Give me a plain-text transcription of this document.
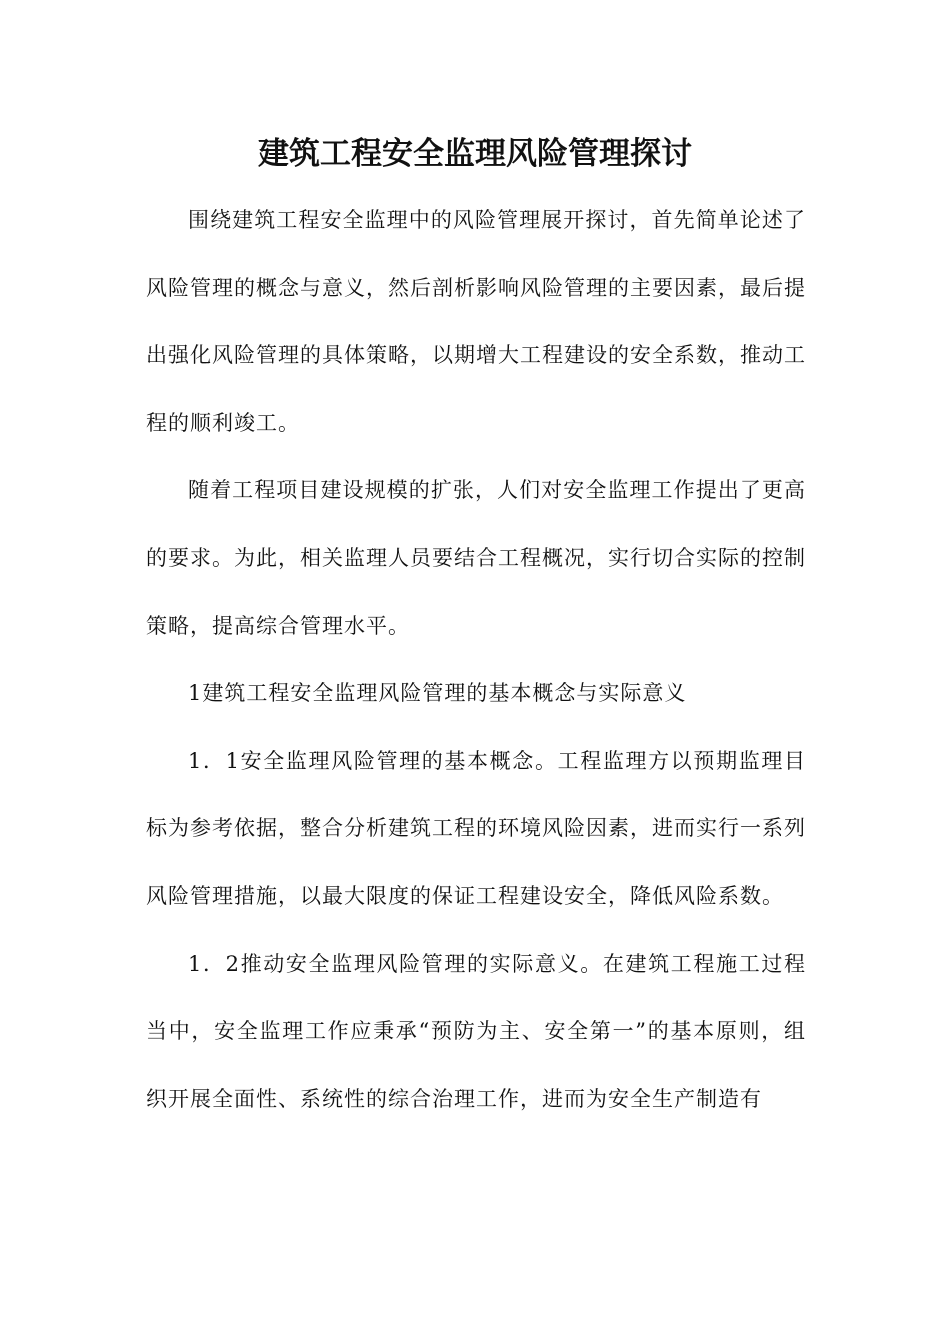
建筑工程安全监理风险管理探讨

围绕建筑工程安全监理中的风险管理展开探讨，首先简单论述了风险管理的概念与意义，然后剖析影响风险管理的主要因素，最后提出强化风险管理的具体策略，以期增大工程建设的安全系数，推动工程的顺利竣工。

随着工程项目建设规模的扩张，人们对安全监理工作提出了更高的要求。为此，相关监理人员要结合工程概况，实行切合实际的控制策略，提高综合管理水平。

1建筑工程安全监理风险管理的基本概念与实际意义

1．1安全监理风险管理的基本概念。工程监理方以预期监理目标为参考依据，整合分析建筑工程的环境风险因素，进而实行一系列风险管理措施，以最大限度的保证工程建设安全，降低风险系数。

1．2推动安全监理风险管理的实际意义。在建筑工程施工过程当中，安全监理工作应秉承“预防为主、安全第一”的基本原则，组织开展全面性、系统性的综合治理工作，进而为安全生产制造有
